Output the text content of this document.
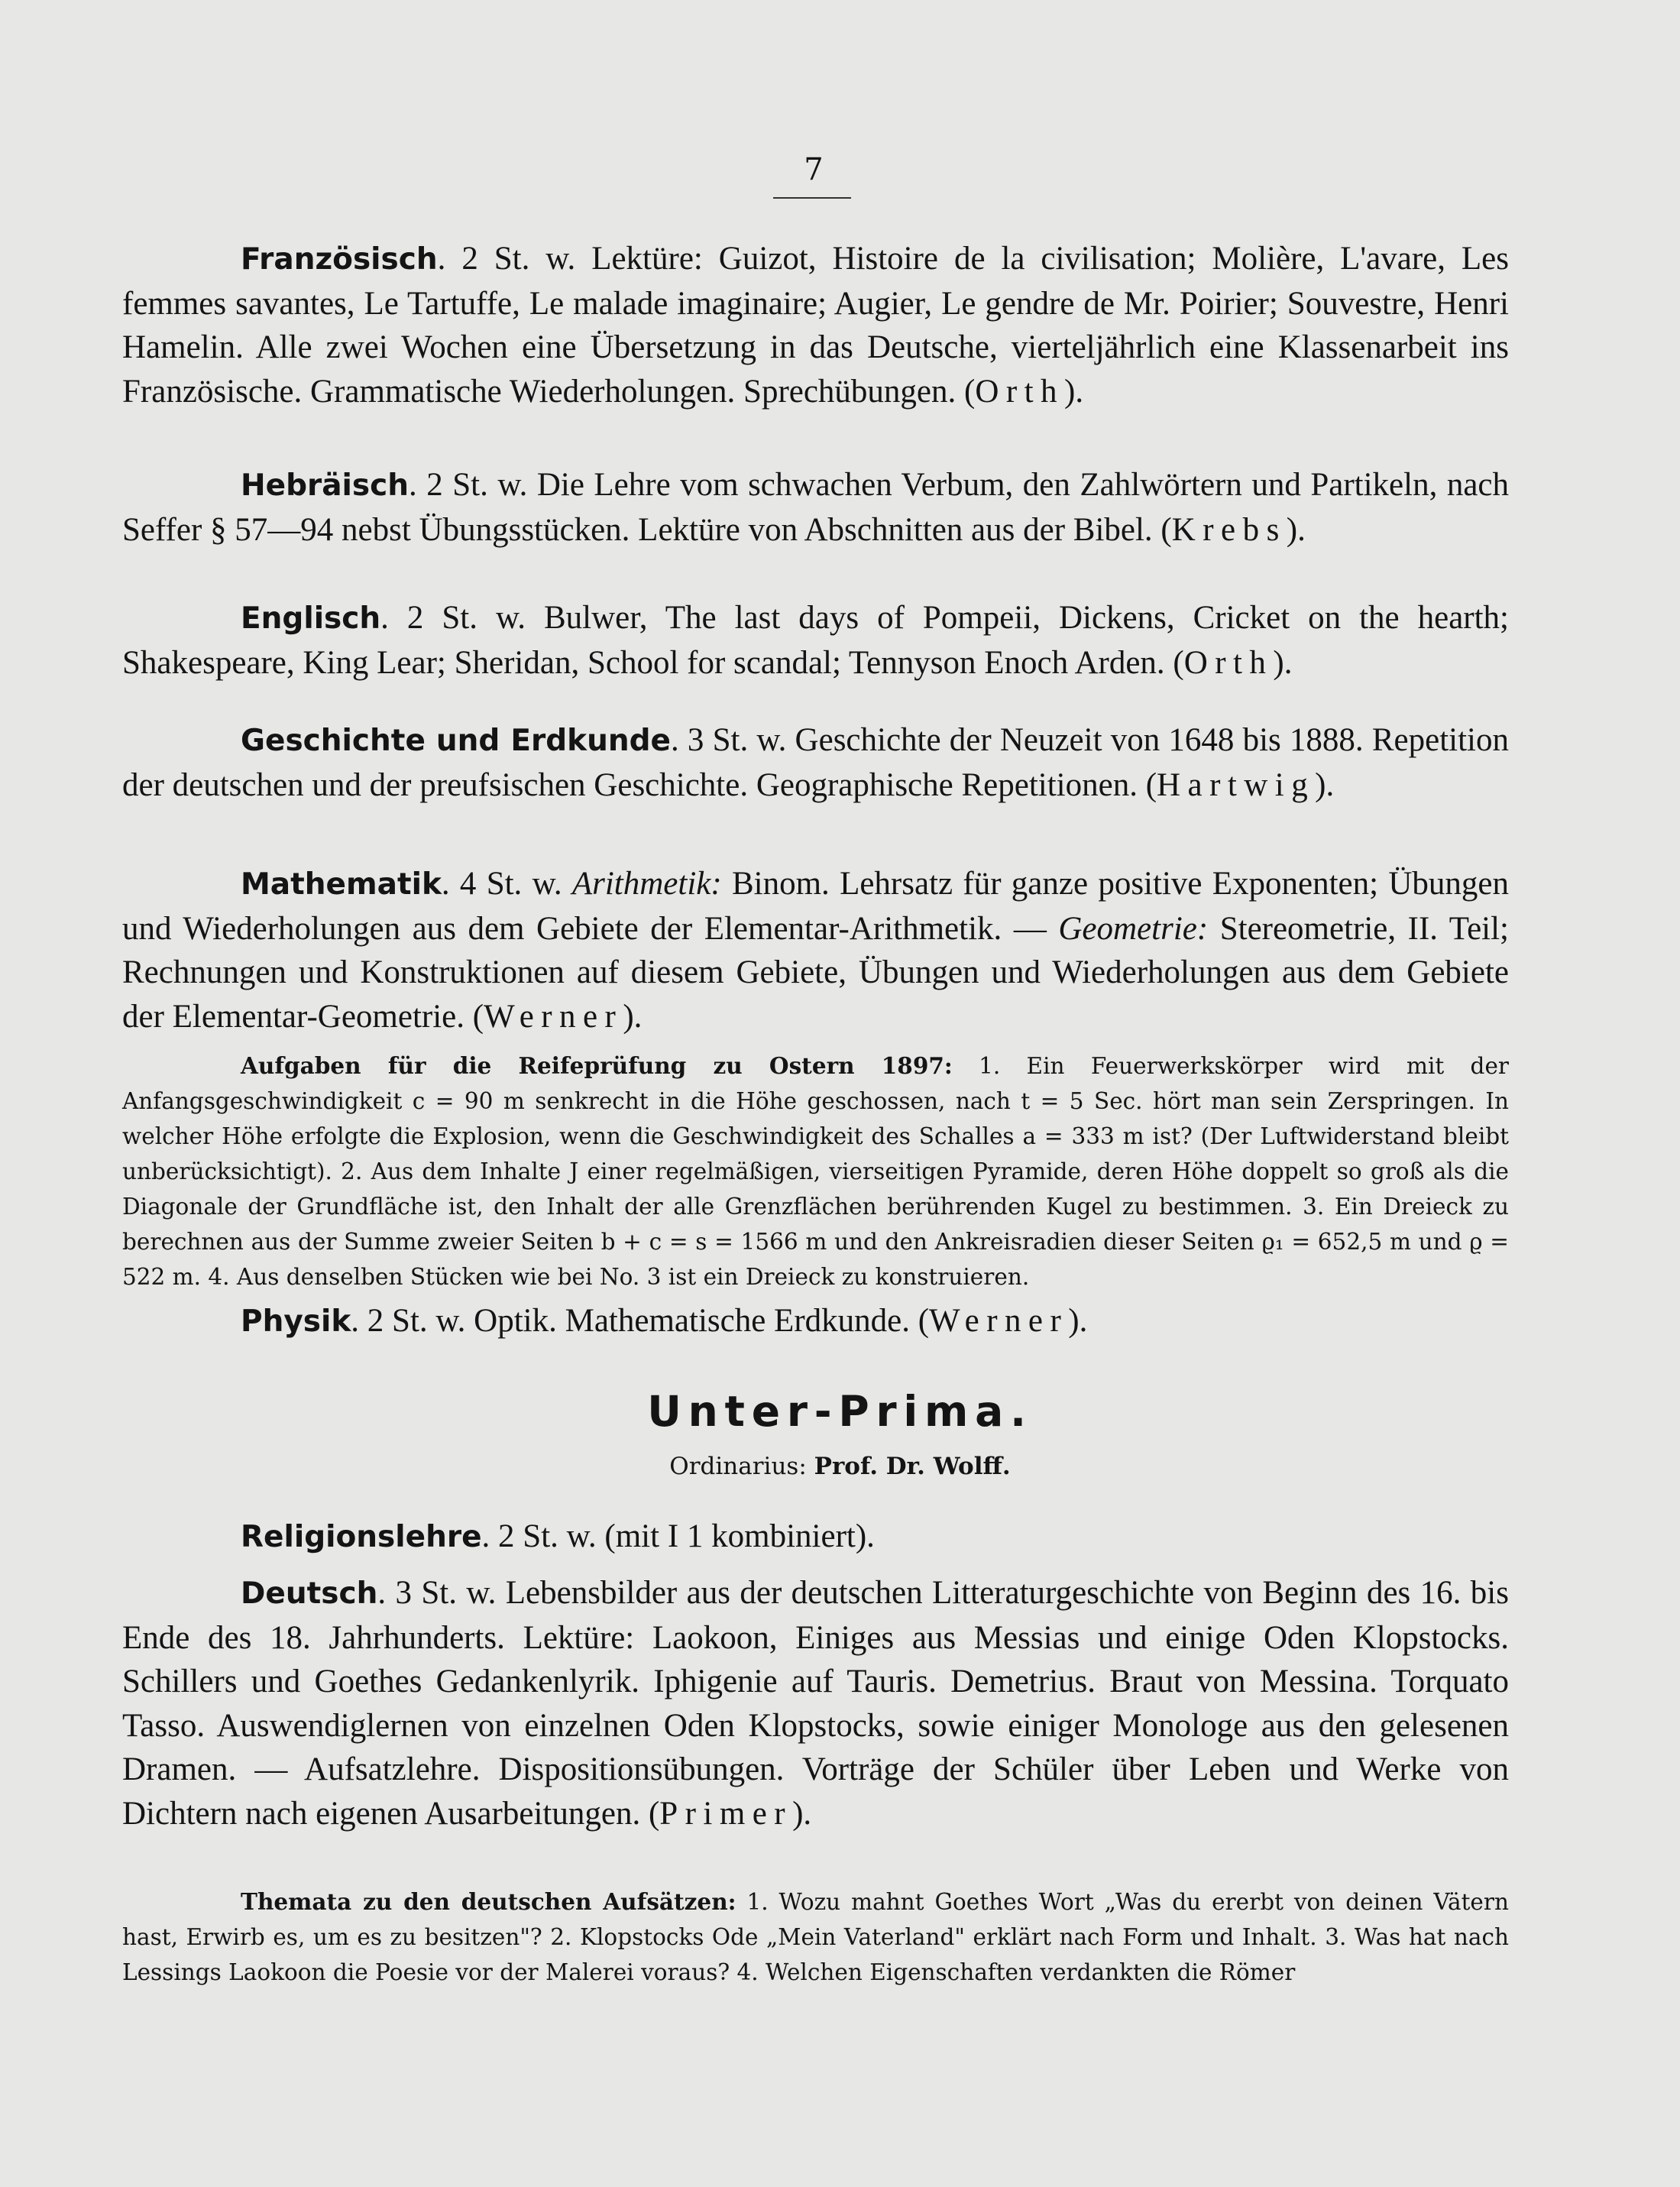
7

Französisch. 2 St. w. Lektüre: Guizot, Histoire de la civilisation; Molière, L'avare, Les femmes savantes, Le Tartuffe, Le malade imaginaire; Augier, Le gendre de Mr. Poirier; Souvestre, Henri Hamelin. Alle zwei Wochen eine Übersetzung in das Deutsche, vierteljährlich eine Klassenarbeit ins Französische. Grammatische Wiederholungen. Sprechübungen. (Orth).

Hebräisch. 2 St. w. Die Lehre vom schwachen Verbum, den Zahlwörtern und Partikeln, nach Seffer § 57—94 nebst Übungsstücken. Lektüre von Abschnitten aus der Bibel. (Krebs).

Englisch. 2 St. w. Bulwer, The last days of Pompeii, Dickens, Cricket on the hearth; Shakespeare, King Lear; Sheridan, School for scandal; Tennyson Enoch Arden. (Orth).

Geschichte und Erdkunde. 3 St. w. Geschichte der Neuzeit von 1648 bis 1888. Repetition der deutschen und der preufsischen Geschichte. Geographische Repetitionen. (Hartwig).

Mathematik. 4 St. w. Arithmetik: Binom. Lehrsatz für ganze positive Exponenten; Übungen und Wiederholungen aus dem Gebiete der Elementar-Arithmetik. — Geometrie: Stereometrie, II. Teil; Rechnungen und Konstruktionen auf diesem Gebiete, Übungen und Wiederholungen aus dem Gebiete der Elementar-Geometrie. (Werner).

Aufgaben für die Reifeprüfung zu Ostern 1897: 1. Ein Feuerwerkskörper wird mit der Anfangsgeschwindigkeit c = 90 m senkrecht in die Höhe geschossen, nach t = 5 Sec. hört man sein Zerspringen. In welcher Höhe erfolgte die Explosion, wenn die Geschwindigkeit des Schalles a = 333 m ist? (Der Luftwiderstand bleibt unberücksichtigt). 2. Aus dem Inhalte J einer regelmäßigen, vierseitigen Pyramide, deren Höhe doppelt so groß als die Diagonale der Grundfläche ist, den Inhalt der alle Grenzflächen berührenden Kugel zu bestimmen. 3. Ein Dreieck zu berechnen aus der Summe zweier Seiten b + c = s = 1566 m und den Ankreisradien dieser Seiten ϱ₁ = 652,5 m und ϱ = 522 m. 4. Aus denselben Stücken wie bei No. 3 ist ein Dreieck zu konstruieren.

Physik. 2 St. w. Optik. Mathematische Erdkunde. (Werner).

Unter-Prima.
Ordinarius: Prof. Dr. Wolff.

Religionslehre. 2 St. w. (mit I 1 kombiniert).

Deutsch. 3 St. w. Lebensbilder aus der deutschen Litteraturgeschichte von Beginn des 16. bis Ende des 18. Jahrhunderts. Lektüre: Laokoon, Einiges aus Messias und einige Oden Klopstocks. Schillers und Goethes Gedankenlyrik. Iphigenie auf Tauris. Demetrius. Braut von Messina. Torquato Tasso. Auswendiglernen von einzelnen Oden Klopstocks, sowie einiger Monologe aus den gelesenen Dramen. — Aufsatzlehre. Dispositionsübungen. Vorträge der Schüler über Leben und Werke von Dichtern nach eigenen Ausarbeitungen. (Primer).

Themata zu den deutschen Aufsätzen: 1. Wozu mahnt Goethes Wort „Was du ererbt von deinen Vätern hast, Erwirb es, um es zu besitzen"? 2. Klopstocks Ode „Mein Vaterland" erklärt nach Form und Inhalt. 3. Was hat nach Lessings Laokoon die Poesie vor der Malerei voraus? 4. Welchen Eigenschaften verdankten die Römer
